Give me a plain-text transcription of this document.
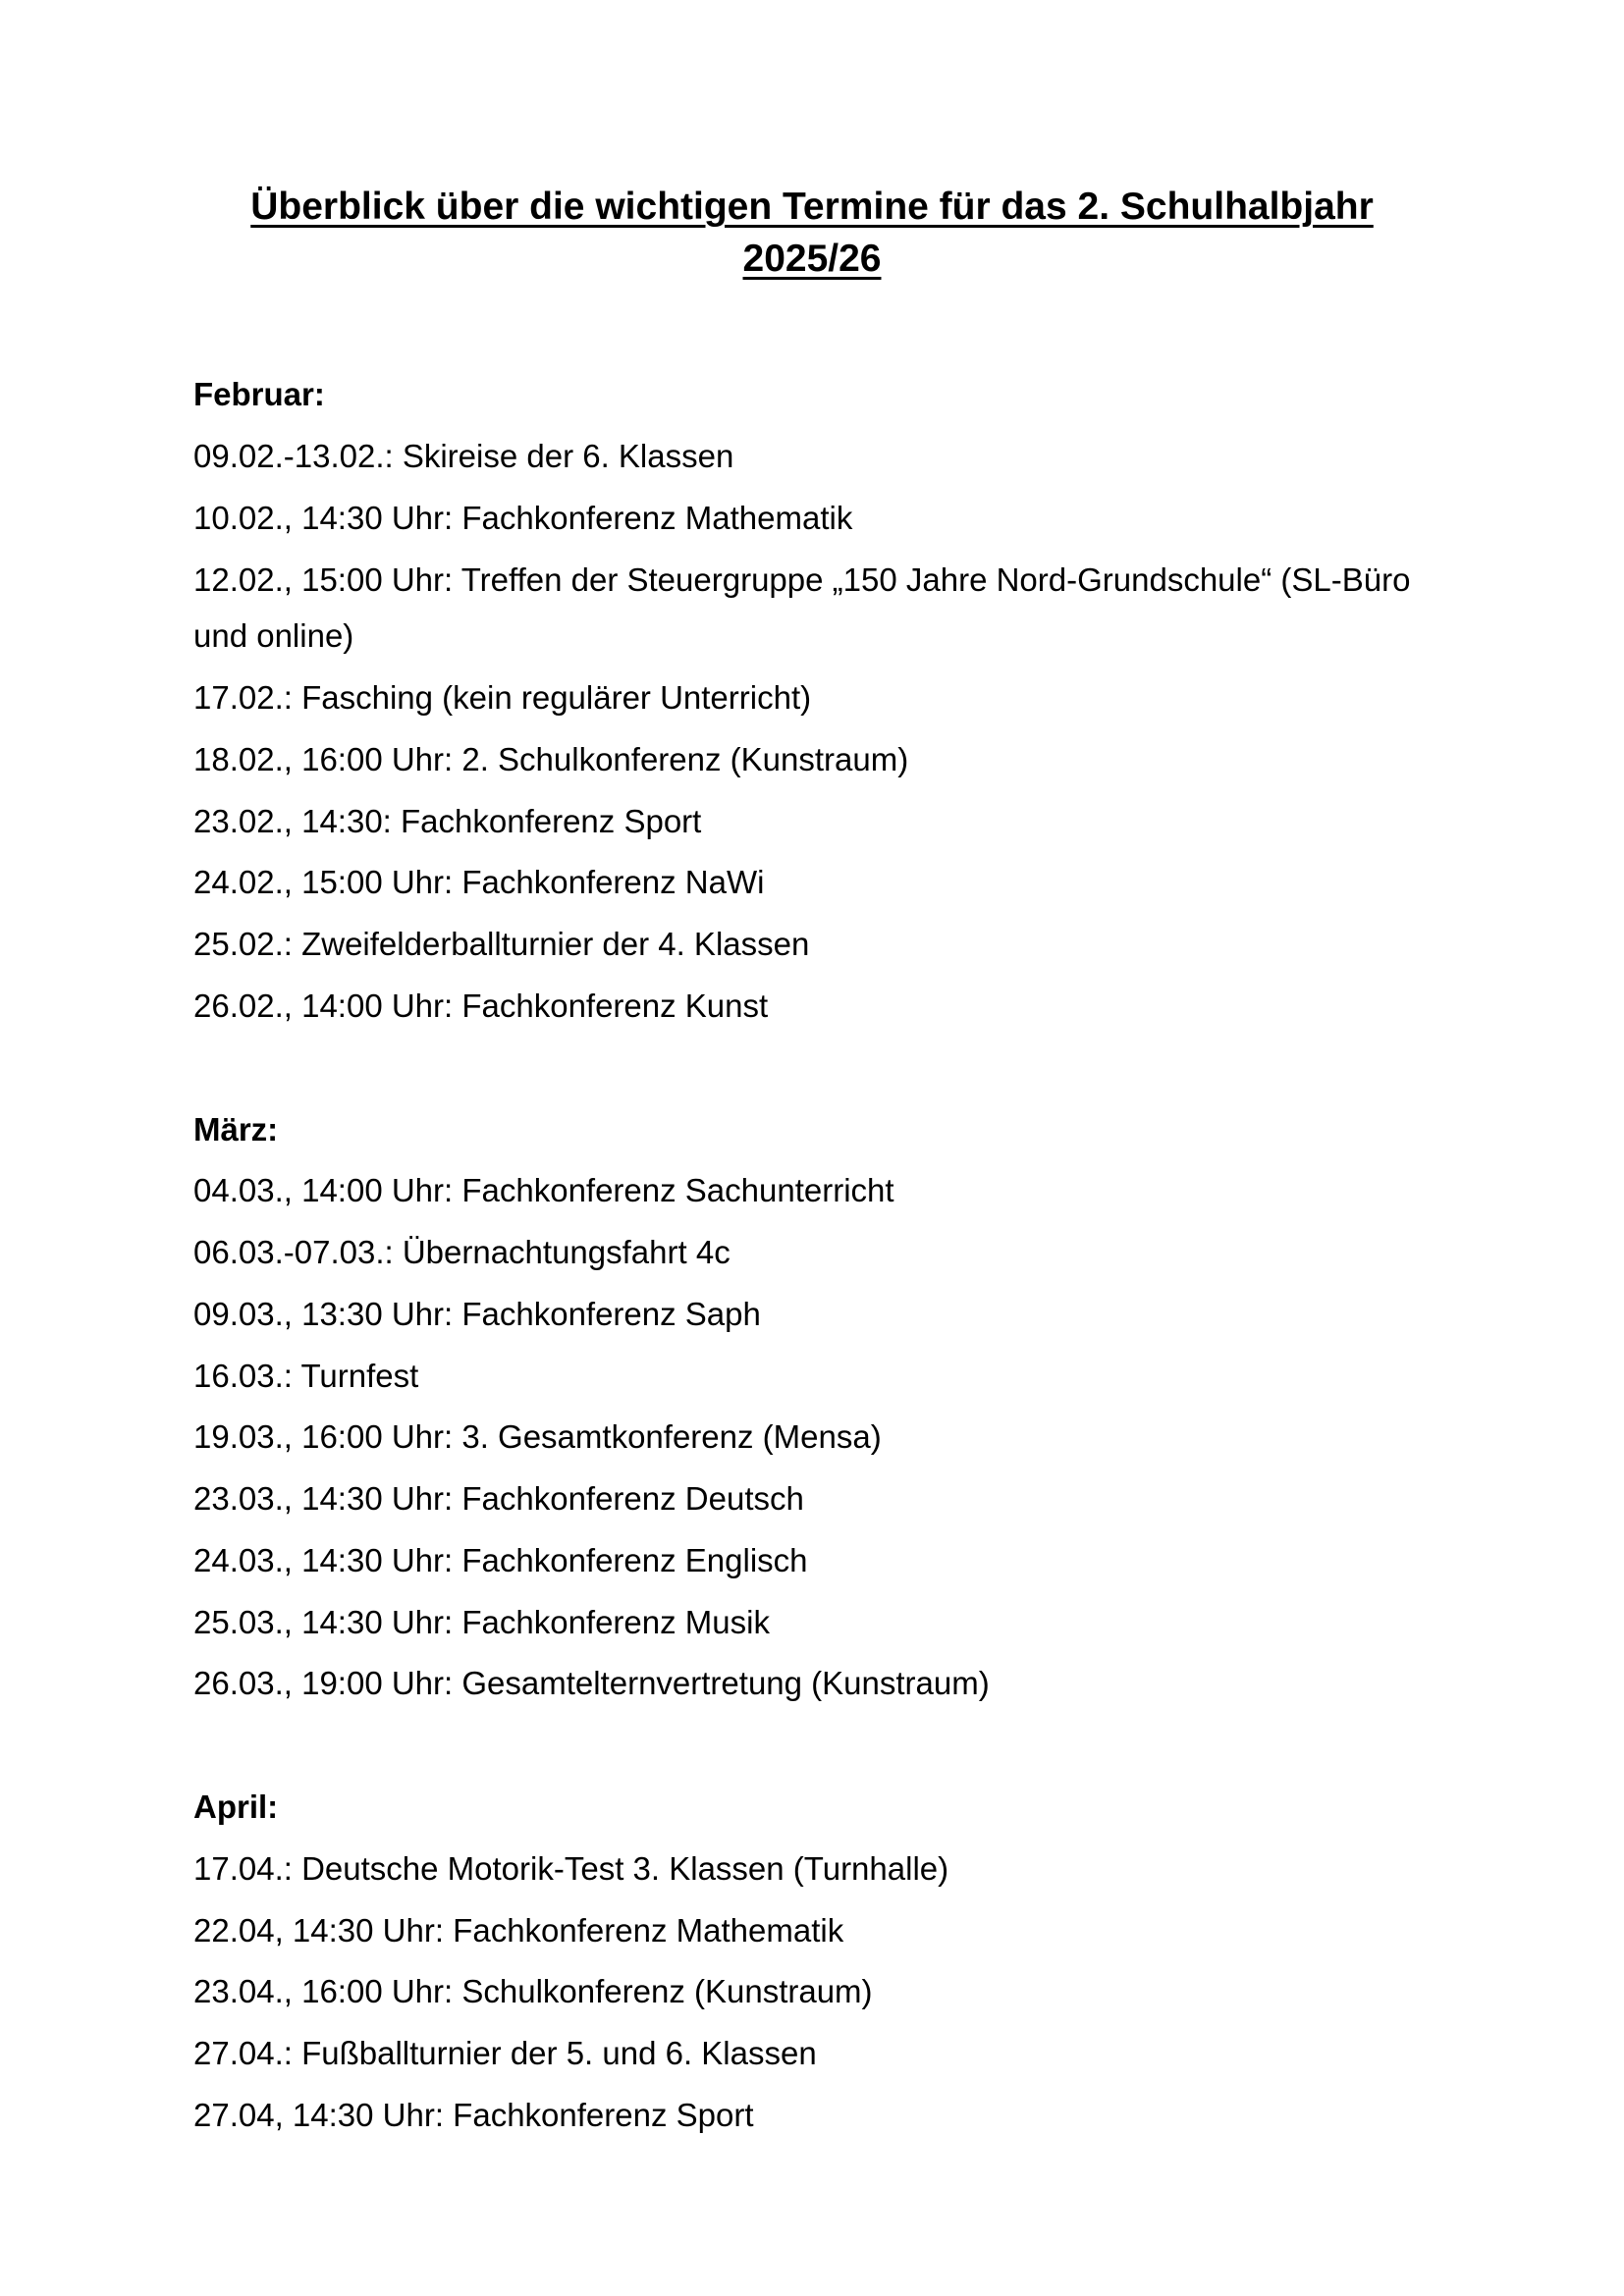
Überblick über die wichtigen Termine für das 2. Schulhalbjahr
2025/26

Februar:

09.02.-13.02.: Skireise der 6. Klassen

10.02., 14:30 Uhr: Fachkonferenz Mathematik

12.02., 15:00 Uhr: Treffen der Steuergruppe „150 Jahre Nord-Grundschule“ (SL-Büro und online)

17.02.: Fasching (kein regulärer Unterricht)

18.02., 16:00 Uhr: 2. Schulkonferenz (Kunstraum)

23.02., 14:30: Fachkonferenz Sport

24.02., 15:00 Uhr: Fachkonferenz NaWi

25.02.: Zweifelderballturnier der 4. Klassen

26.02., 14:00 Uhr: Fachkonferenz Kunst

März:

04.03., 14:00 Uhr: Fachkonferenz Sachunterricht

06.03.-07.03.: Übernachtungsfahrt 4c

09.03., 13:30 Uhr: Fachkonferenz Saph

16.03.: Turnfest

19.03., 16:00 Uhr: 3. Gesamtkonferenz (Mensa)

23.03., 14:30 Uhr: Fachkonferenz Deutsch

24.03., 14:30 Uhr: Fachkonferenz Englisch

25.03., 14:30 Uhr: Fachkonferenz Musik

26.03., 19:00 Uhr: Gesamtelternvertretung (Kunstraum)

April:

17.04.: Deutsche Motorik-Test 3. Klassen (Turnhalle)

22.04, 14:30 Uhr: Fachkonferenz Mathematik

23.04., 16:00 Uhr: Schulkonferenz (Kunstraum)

27.04.: Fußballturnier der 5. und 6. Klassen

27.04, 14:30 Uhr: Fachkonferenz Sport
